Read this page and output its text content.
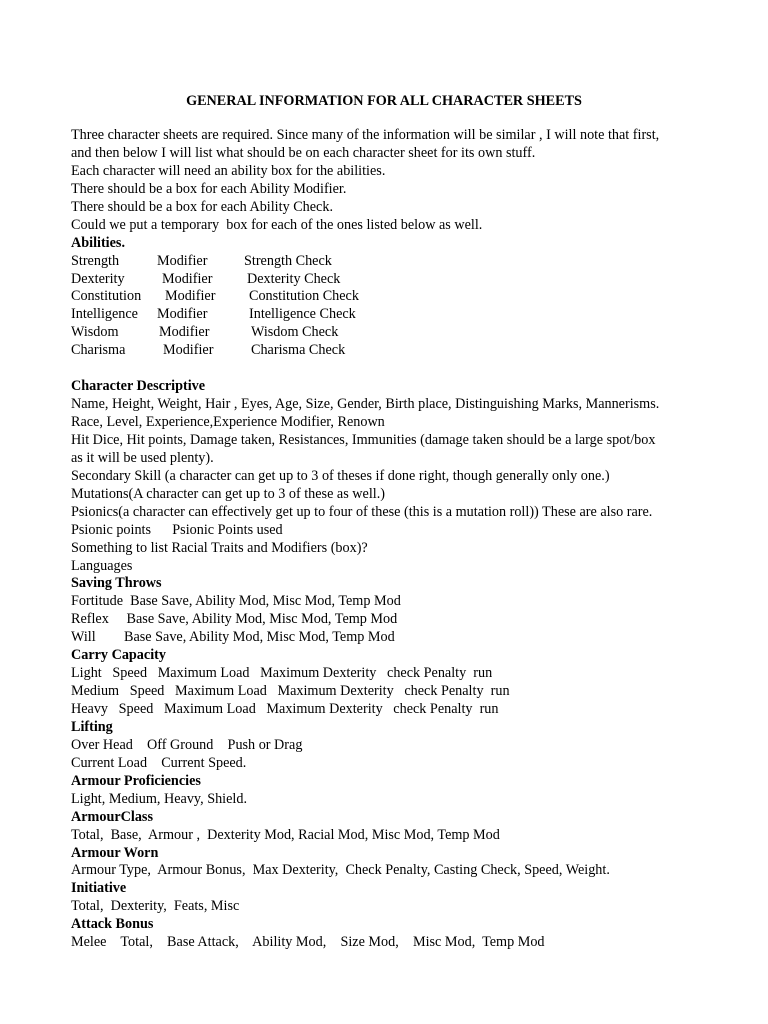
GENERAL INFORMATION FOR ALL CHARACTER SHEETS
Three character sheets are required. Since many of the information will be similar , I will note that first,
and then below I will list what should be on each character sheet for its own stuff.
Each character will need an ability box for the abilities.
There should be a box for each Ability Modifier.
There should be a box for each Ability Check.
Could we put a temporary  box for each of the ones listed below as well.
Abilities.
Strength	Modifier	Strength Check
Dexterity	Modifier	Dexterity Check
Constitution	Modifier	Constitution Check
Intelligence	Modifier	Intelligence Check
Wisdom	Modifier	Wisdom Check
Charisma	Modifier	Charisma Check
Character Descriptive
Name, Height, Weight, Hair , Eyes, Age, Size, Gender, Birth place, Distinguishing Marks, Mannerisms.
Race, Level, Experience,Experience Modifier, Renown
Hit Dice, Hit points, Damage taken, Resistances, Immunities (damage taken should be a large spot/box
as it will be used plenty).
Secondary Skill (a character can get up to 3 of theses if done right, though generally only one.)
Mutations(A character can get up to 3 of these as well.)
Psionics(a character can effectively get up to four of these (this is a mutation roll)) These are also rare.
Psionic points      Psionic Points used
Something to list Racial Traits and Modifiers (box)?
Languages
Saving Throws
Fortitude  Base Save, Ability Mod, Misc Mod, Temp Mod
Reflex     Base Save, Ability Mod, Misc Mod, Temp Mod
Will        Base Save, Ability Mod, Misc Mod, Temp Mod
Carry Capacity
Light   Speed   Maximum Load   Maximum Dexterity   check Penalty  run
Medium   Speed   Maximum Load   Maximum Dexterity   check Penalty  run
Heavy   Speed   Maximum Load   Maximum Dexterity   check Penalty  run
Lifting
Over Head    Off Ground    Push or Drag
Current Load    Current Speed.
Armour Proficiencies
Light, Medium, Heavy, Shield.
ArmourClass
Total,  Base,  Armour ,  Dexterity Mod, Racial Mod, Misc Mod, Temp Mod
Armour Worn
Armour Type,  Armour Bonus,  Max Dexterity,  Check Penalty, Casting Check, Speed, Weight.
Initiative
Total,  Dexterity,  Feats, Misc
Attack Bonus
Melee    Total,    Base Attack,    Ability Mod,    Size Mod,    Misc Mod,  Temp Mod
